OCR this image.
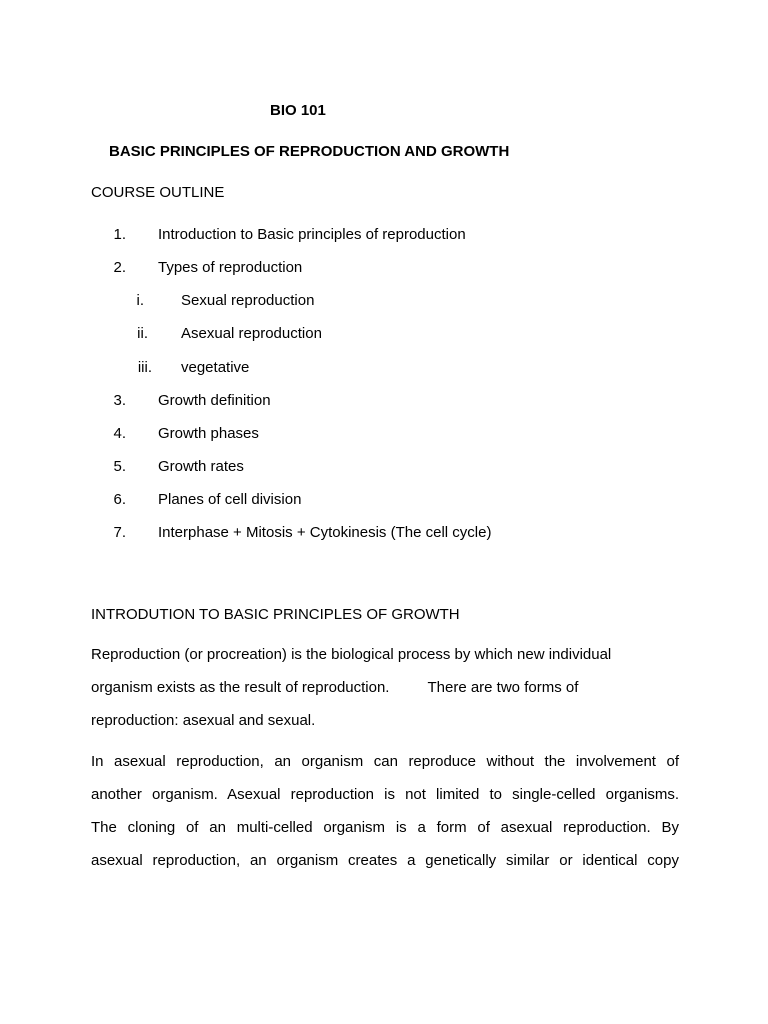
BIO 101
BASIC PRINCIPLES OF REPRODUCTION AND GROWTH
COURSE OUTLINE
1. Introduction to Basic principles of reproduction
2. Types of reproduction
i. Sexual reproduction
ii. Asexual reproduction
iii. vegetative
3. Growth definition
4. Growth phases
5. Growth rates
6. Planes of cell division
7. Interphase + Mitosis + Cytokinesis (The cell cycle)
INTRODUTION TO BASIC PRINCIPLES OF GROWTH
Reproduction (or procreation) is the biological process by which new individual
organism exists as the result of reproduction.	There are two forms of
reproduction: asexual and sexual.
In asexual reproduction, an organism can reproduce without the involvement of
another organism. Asexual reproduction is not limited to single-celled organisms.
The cloning of an multi-celled organism is a form of asexual reproduction. By
asexual reproduction, an organism creates a genetically similar or identical copy
